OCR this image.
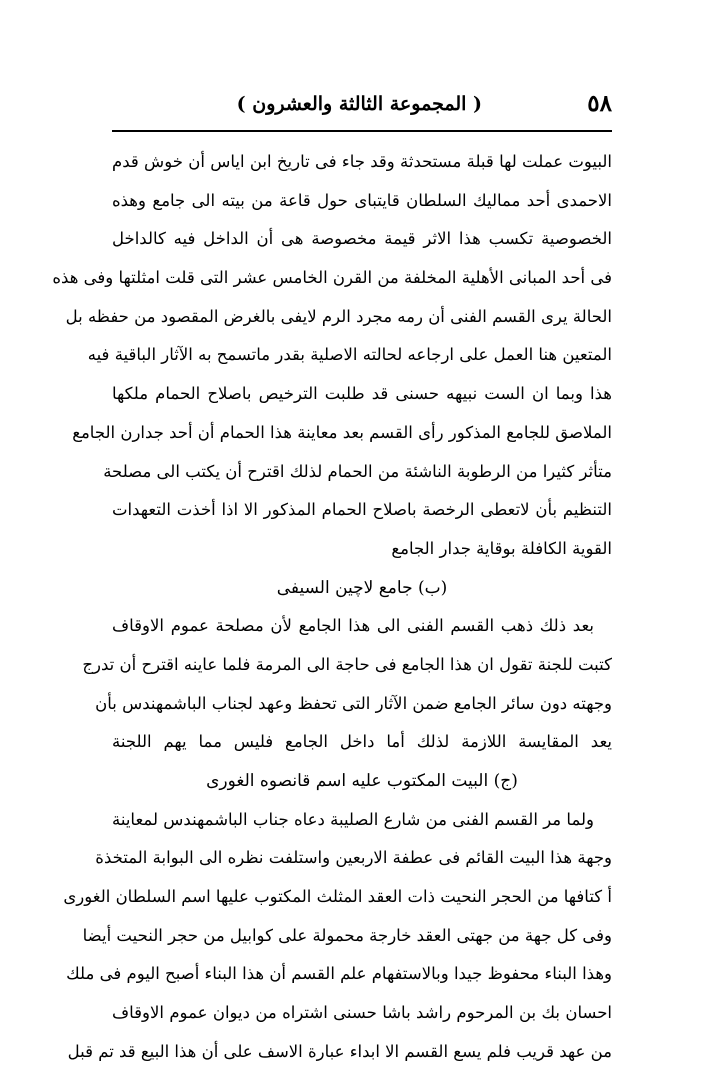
٥٨
( المجموعة الثالثة والعشرون )
البيوت عملت لها قبلة مستحدثة وقد جاء فى تاريخ ابن اياس أن خوش قدم
الاحمدى أحد مماليك السلطان قايتباى حول قاعة من بيته الى جامع وهذه
الخصوصية تكسب هذا الاثر قيمة مخصوصة هى أن الداخل فيه كالداخل
فى أحد المبانى الأهلية المخلفة من القرن الخامس عشر التى قلت امثلتها وفى هذه
الحالة يرى القسم الفنى أن رمه مجرد الرم لايفى بالغرض المقصود من حفظه بل
المتعين هنا العمل على ارجاعه لحالته الاصلية بقدر ماتسمح به الآثار الباقية فيه
هذا وبما ان الست نبيهه حسنى قد طلبت الترخيص باصلاح الحمام ملكها
الملاصق للجامع المذكور رأى القسم بعد معاينة هذا الحمام أن أحد جدارن الجامع
متأثر كثيرا من الرطوبة الناشئة من الحمام لذلك اقترح أن يكتب الى مصلحة
التنظيم بأن لاتعطى الرخصة باصلاح الحمام المذكور الا اذا أخذت التعهدات
القوية الكافلة بوقاية جدار الجامع
(ب) جامع لاچين السيفى
بعد ذلك ذهب القسم الفنى الى هذا الجامع لأن مصلحة عموم الاوقاف
كتبت للجنة تقول ان هذا الجامع فى حاجة الى المرمة فلما عاينه اقترح أن تدرج
وجهته دون سائر الجامع ضمن الآثار التى تحفظ وعهد لجناب الباشمهندس بأن
يعد المقايسة اللازمة لذلك أما داخل الجامع فليس مما يهم اللجنة
(ج) البيت المكتوب عليه اسم قانصوه الغورى
ولما مر القسم الفنى من شارع الصليبة دعاه جناب الباشمهندس لمعاينة
وجهة هذا البيت القائم فى عطفة الاربعين واستلفت نظره الى البوابة المتخذة
أ كتافها من الحجر النحيت ذات العقد المثلث المكتوب عليها اسم السلطان الغورى
وفى كل جهة من جهتى العقد خارجة محمولة على كوابيل من حجر النحيت أيضا
وهذا البناء محفوظ جيدا وبالاستفهام علم القسم أن هذا البناء أصبح اليوم فى ملك
احسان بك بن المرحوم راشد باشا حسنى اشتراه من ديوان عموم الاوقاف
من عهد قريب فلم يسع القسم الا ابداء عبارة الاسف على أن هذا البيع قد تم قبل
